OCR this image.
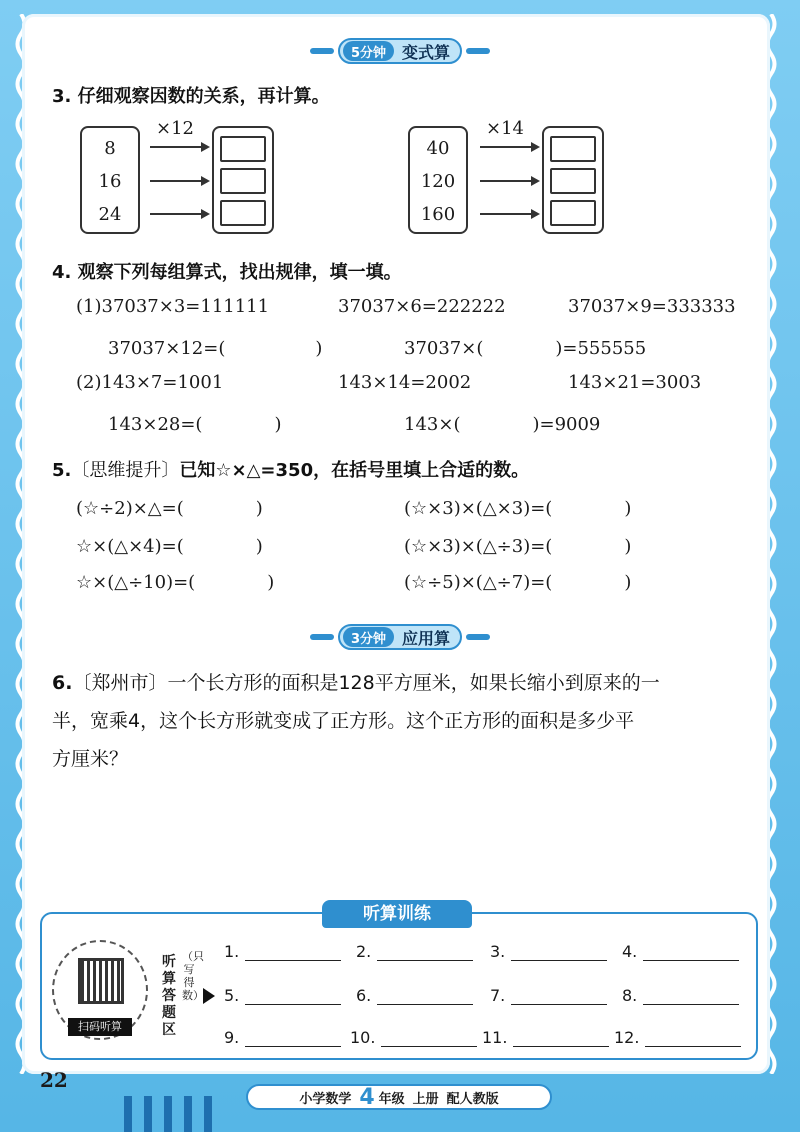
5分钟	变式算
3. 仔细观察因数的关系，再计算。
8
16
24
×12
40
120
160
×14
4. 观察下列每组算式，找出规律，填一填。
(1)37037×3=111111	37037×6=222222	37037×9=333333
37037×12=(　　　　　)	37037×(　　　　)=555555
(2)143×7=1001	143×14=2002	143×21=3003
143×28=(　　　　)	143×(　　　　)=9009
5.〔思维提升〕已知☆×△=350，在括号里填上合适的数。
(☆÷2)×△=(　　　　)	(☆×3)×(△×3)=(　　　　)
☆×(△×4)=(　　　　)	(☆×3)×(△÷3)=(　　　　)
☆×(△÷10)=(　　　　)	(☆÷5)×(△÷7)=(　　　　)
3分钟	应用算
6.〔郑州市〕一个长方形的面积是128平方厘米，如果长缩小到原来的一
半，宽乘4，这个长方形就变成了正方形。这个正方形的面积是多少平
方厘米？
听算训练
扫码听算
听算答题区
（只写得数）
1.	2.	3.	4.
5.	6.	7.	8.
9.	10.	11.	12.
22
小学数学 4 年级 上册 配人教版
